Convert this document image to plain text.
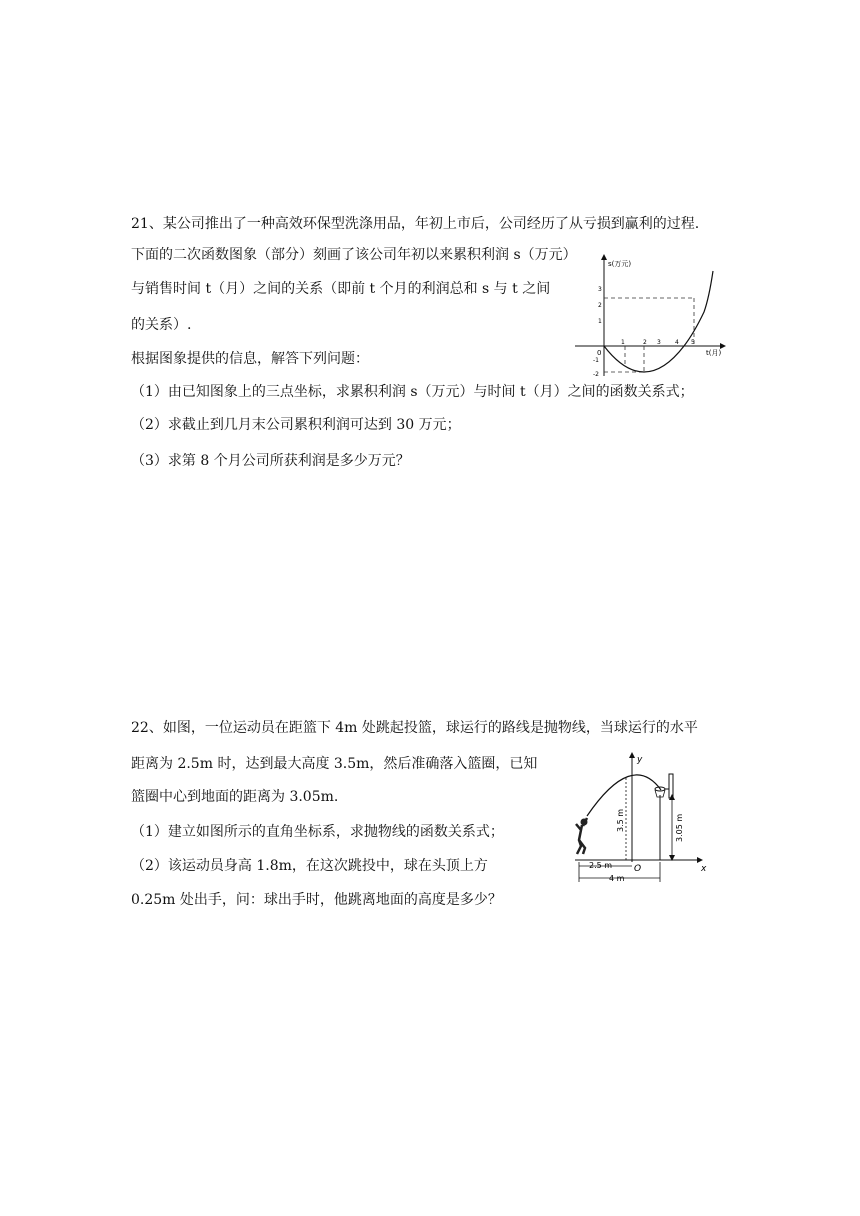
21、某公司推出了一种高效环保型洗涤用品，年初上市后，公司经历了从亏损到赢利的过程.
下面的二次函数图象（部分）刻画了该公司年初以来累积利润 s（万元）
与销售时间 t（月）之间的关系（即前 t 个月的利润总和 s 与 t 之间
的关系）.
根据图象提供的信息，解答下列问题：
（1）由已知图象上的三点坐标，求累积利润 s（万元）与时间 t（月）之间的函数关系式；
（2）求截止到几月末公司累积利润可达到 30 万元；
（3）求第 8 个月公司所获利润是多少万元？
s(万元)
t(月)
0
1	2 3 4 5
3
2
1
-1
-2
22、如图，一位运动员在距篮下 4m 处跳起投篮，球运行的路线是抛物线，当球运行的水平
距离为 2.5m 时，达到最大高度 3.5m，然后准确落入篮圈，已知
篮圈中心到地面的距离为 3.05m.
（1）建立如图所示的直角坐标系，求抛物线的函数关系式；
（2）该运动员身高 1.8m，在这次跳投中，球在头顶上方
0.25m 处出手，问：球出手时，他跳离地面的高度是多少？
x
y
O
3.5 m	3.05 m
2.5 m
4 m
